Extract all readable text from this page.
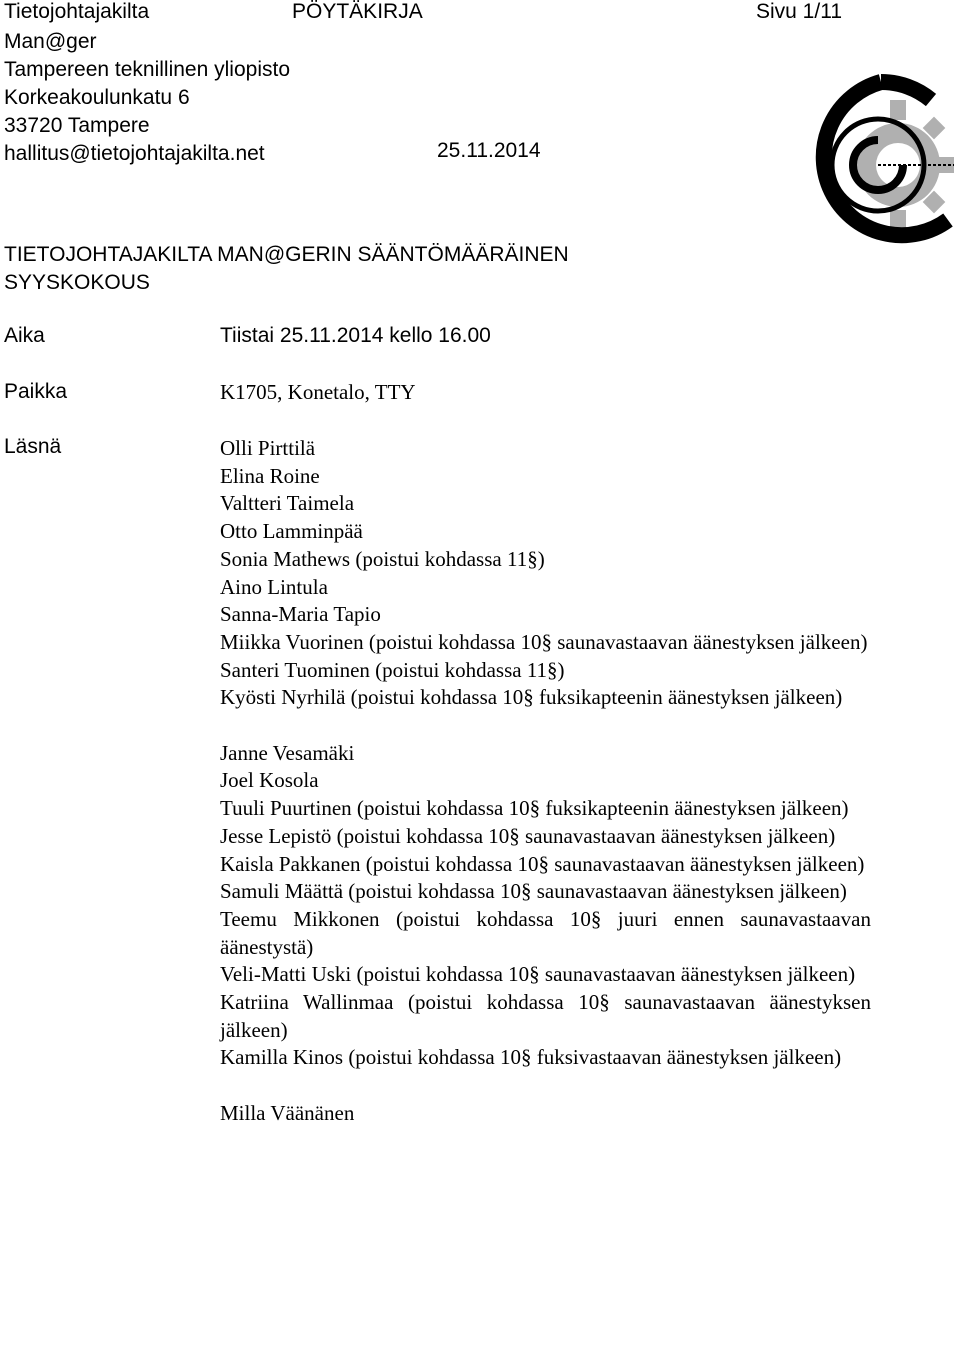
Tietojohtajakilta	PÖYTÄKIRJA	Sivu 1/11
Man@ger
Tampereen teknillinen yliopisto
Korkeakoulunkatu 6
33720 Tampere
hallitus@tietojohtajakilta.net	25.11.2014
TIETOJOHTAJAKILTA MAN@GERIN SÄÄNTÖMÄÄRÄINEN
SYYSKOKOUS
Aika	Tiistai 25.11.2014 kello 16.00
Paikka	K1705, Konetalo, TTY
Läsnä	Olli Pirttilä
Elina Roine
Valtteri Taimela
Otto Lamminpää
Sonia Mathews (poistui kohdassa 11§)
Aino Lintula
Sanna-Maria Tapio
Miikka Vuorinen (poistui kohdassa 10§ saunavastaavan äänestyksen jälkeen)
Santeri Tuominen (poistui kohdassa 11§)
Kyösti Nyrhilä (poistui kohdassa 10§ fuksikapteenin äänestyksen jälkeen)
Janne Vesamäki
Joel Kosola
Tuuli Puurtinen (poistui kohdassa 10§ fuksikapteenin äänestyksen jälkeen)
Jesse Lepistö (poistui kohdassa 10§ saunavastaavan äänestyksen jälkeen)
Kaisla Pakkanen (poistui kohdassa 10§ saunavastaavan äänestyksen jälkeen)
Samuli Määttä (poistui kohdassa 10§ saunavastaavan äänestyksen jälkeen)
Teemu Mikkonen (poistui kohdassa 10§ juuri ennen saunavastaavan äänestystä)
Veli-Matti Uski (poistui kohdassa 10§ saunavastaavan äänestyksen jälkeen)
Katriina Wallinmaa (poistui kohdassa 10§ saunavastaavan äänestyksen jälkeen)
Kamilla Kinos (poistui kohdassa 10§ fuksivastaavan äänestyksen jälkeen)
Milla Väänänen
